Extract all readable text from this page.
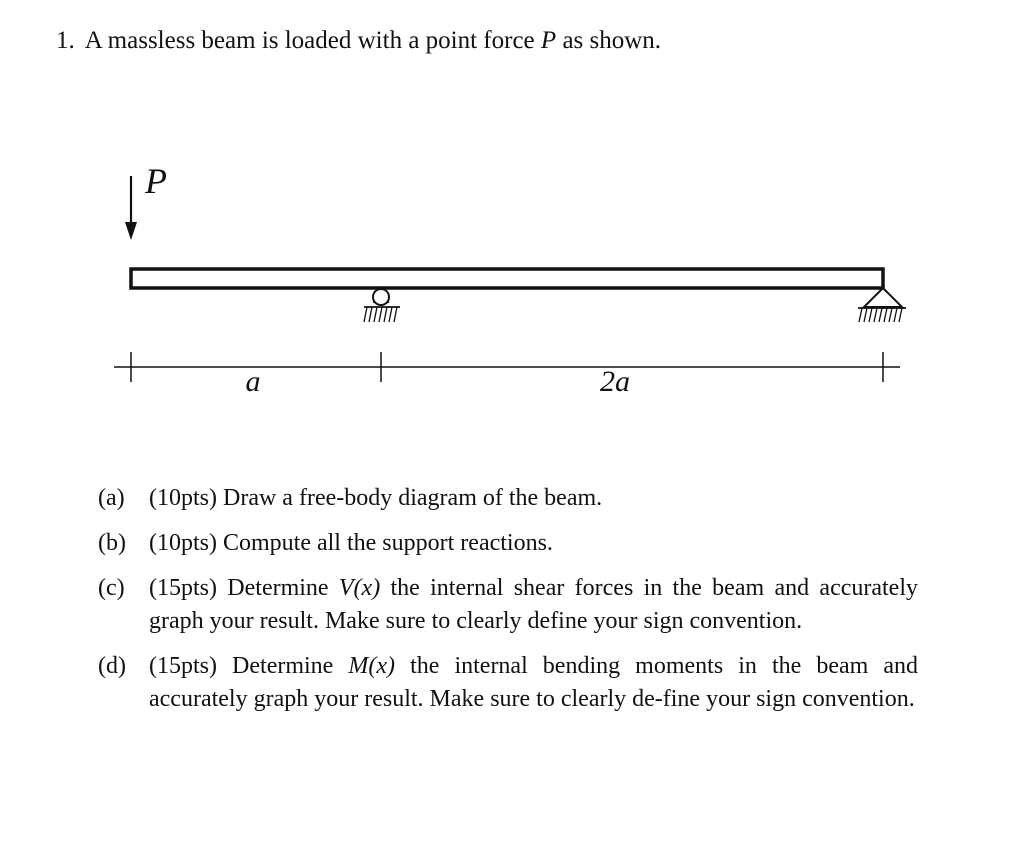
1. A massless beam is loaded with a point force P as shown.
P
a	2a
(a) (10pts) Draw a free-body diagram of the beam.
(b) (10pts) Compute all the support reactions.
(c) (15pts) Determine V(x) the internal shear forces in the beam and accurately graph your result. Make sure to clearly define your sign convention.
(d) (15pts) Determine M(x) the internal bending moments in the beam and accurately graph your result. Make sure to clearly de-fine your sign convention.
